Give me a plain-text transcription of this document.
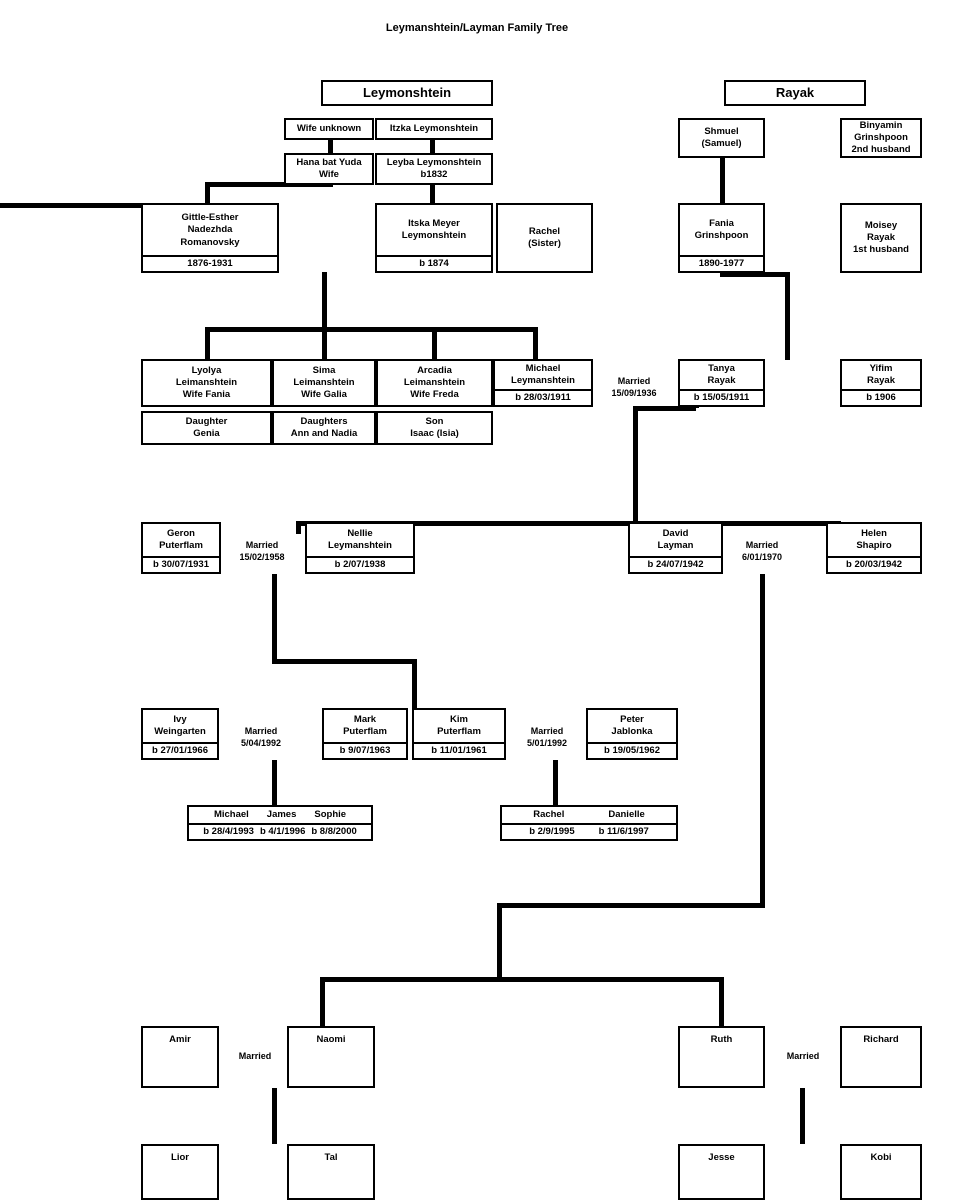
Leymanshtein/Layman Family Tree
Leymonshtein	Rayak
Wife unknown	Itzka Leymonshtein
Hana bat Yuda
Wife
Leyba Leymonshtein
b1832
Shmuel
(Samuel)
Binyamin
Grinshpoon
2nd husband
Gittle-Esther
Nadezhda
Romanovsky
1876-1931
Itska Meyer
Leymonshtein
b 1874
Rachel
(Sister)
Fania
Grinshpoon
1890-1977
Moisey
Rayak
1st husband
Lyolya
Leimanshtein
Wife Fania
Daughter
Genia
Sima
Leimanshtein
Wife Galia
Daughters
Ann and Nadia
Arcadia
Leimanshtein
Wife Freda
Son
Isaac (Isia)
Michael
Leymanshtein
b 28/03/1911
Married 15/09/1936
Tanya
Rayak
b 15/05/1911
Yifim
Rayak
b 1906
Geron
Puterflam
b 30/07/1931
Married 15/02/1958
Nellie
Leymanshtein
b 2/07/1938
David
Layman
b 24/07/1942
Married 6/01/1970
Helen
Shapiro
b 20/03/1942
Ivy
Weingarten
b 27/01/1966
Married 5/04/1992
Mark
Puterflam
b 9/07/1963
Kim
Puterflam
b 11/01/1961
Married 5/01/1992
Peter
Jablonka
b 19/05/1962
Michael James Sophie
b 28/4/1993 b 4/1/1996 b 8/8/2000
Rachel	Danielle
b 2/9/1995	b 11/6/1997
Amir
Married
Naomi	Ruth
Married
Richard
Lior	Tal	Jesse	Kobi
